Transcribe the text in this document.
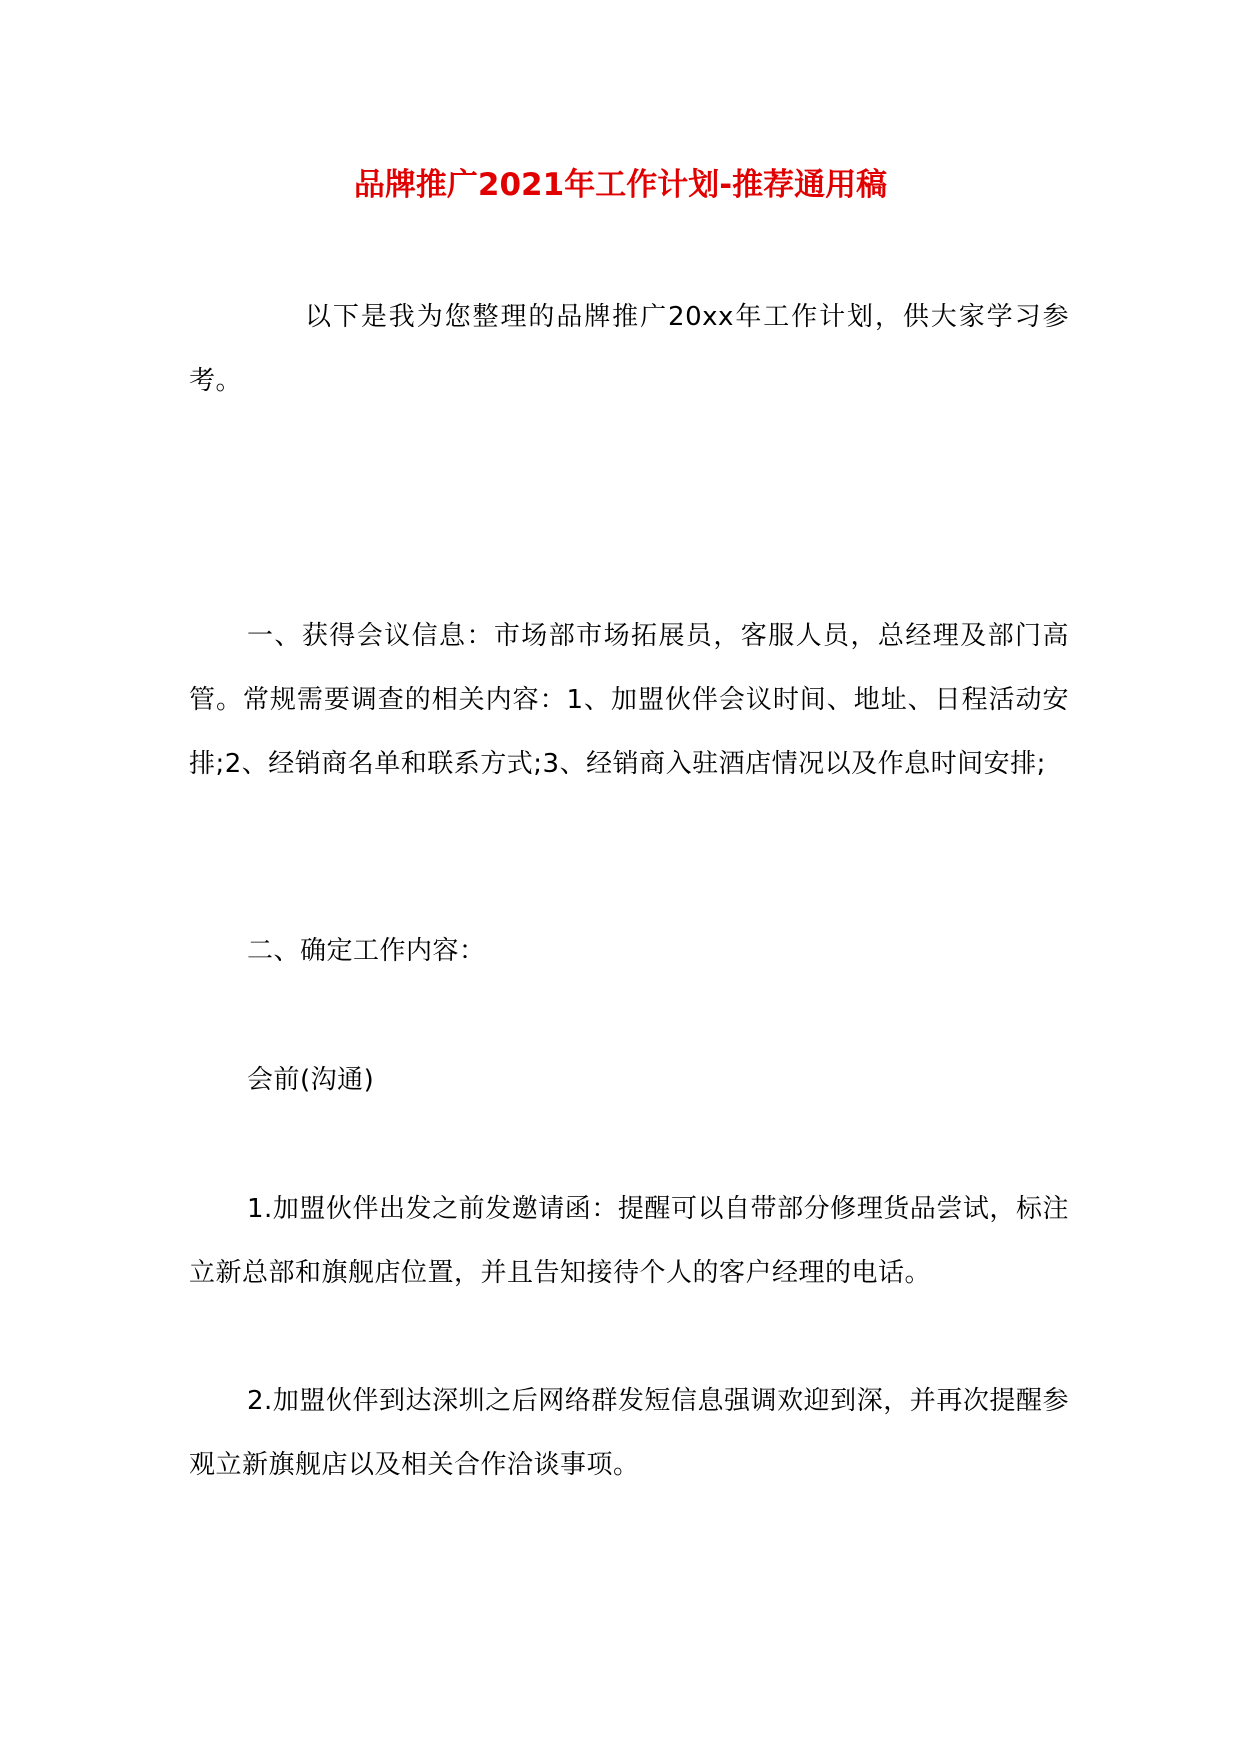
品牌推广2021年工作计划-推荐通用稿

以下是我为您整理的品牌推广20xx年工作计划，供大家学习参考。

一、获得会议信息：市场部市场拓展员，客服人员，总经理及部门高管。常规需要调查的相关内容：1、加盟伙伴会议时间、地址、日程活动安排;2、经销商名单和联系方式;3、经销商入驻酒店情况以及作息时间安排;

二、确定工作内容：

会前(沟通)

1.加盟伙伴出发之前发邀请函：提醒可以自带部分修理货品尝试，标注立新总部和旗舰店位置，并且告知接待个人的客户经理的电话。

2.加盟伙伴到达深圳之后网络群发短信息强调欢迎到深，并再次提醒参观立新旗舰店以及相关合作洽谈事项。
